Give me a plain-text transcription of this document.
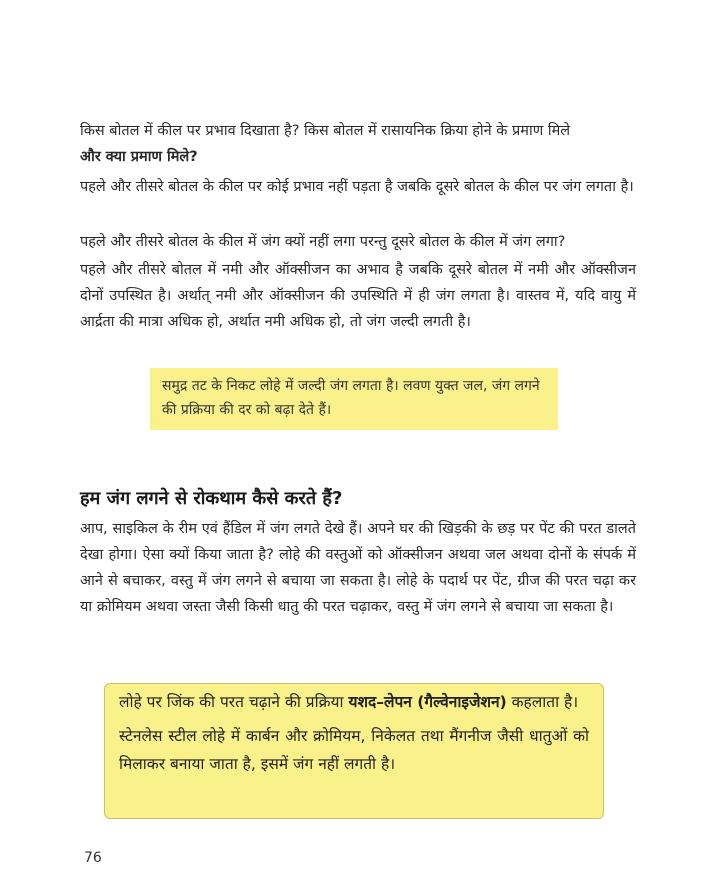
किस बोतल में कील पर प्रभाव दिखाता है? किस बोतल में रासायनिक क्रिया होने के प्रमाण मिले
और क्या प्रमाण मिले?

पहले और तीसरे बोतल के कील पर कोई प्रभाव नहीं पड़ता है जबकि दूसरे बोतल के कील पर जंग लगता है।

पहले और तीसरे बोतल के कील में जंग क्यों नहीं लगा परन्तु दूसरे बोतल के कील में जंग लगा?

पहले और तीसरे बोतल में नमी और ऑक्सीजन का अभाव है जबकि दूसरे बोतल में नमी और ऑक्सीजन दोनों उपस्थित है। अर्थात् नमी और ऑक्सीजन की उपस्थिति में ही जंग लगता है। वास्तव में, यदि वायु में आर्द्रता की मात्रा अधिक हो, अर्थात नमी अधिक हो, तो जंग जल्दी लगती है।

समुद्र तट के निकट लोहे में जल्दी जंग लगता है। लवण युक्त जल, जंग लगने की प्रक्रिया की दर को बढ़ा देते हैं।
हम जंग लगने से रोकथाम कैसे करते हैं?

आप, साइकिल के रीम एवं हैंडिल में जंग लगते देखे हैं। अपने घर की खिड़की के छड़ पर पेंट की परत डालते देखा होगा। ऐसा क्यों किया जाता है? लोहे की वस्तुओं को ऑक्सीजन अथवा जल अथवा दोनों के संपर्क में आने से बचाकर, वस्तु में जंग लगने से बचाया जा सकता है। लोहे के पदार्थ पर पेंट, ग्रीज की परत चढ़ा कर या क्रोमियम अथवा जस्ता जैसी किसी धातु की परत चढ़ाकर, वस्तु में जंग लगने से बचाया जा सकता है।

लोहे पर जिंक की परत चढ़ाने की प्रक्रिया यशद–लेपन (गैल्वेनाइजेशन) कहलाता है।

स्टेनलेस स्टील लोहे में कार्बन और क्रोमियम, निकेलत तथा मैंगनीज जैसी धातुओं को मिलाकर बनाया जाता है, इसमें जंग नहीं लगती है।

76
